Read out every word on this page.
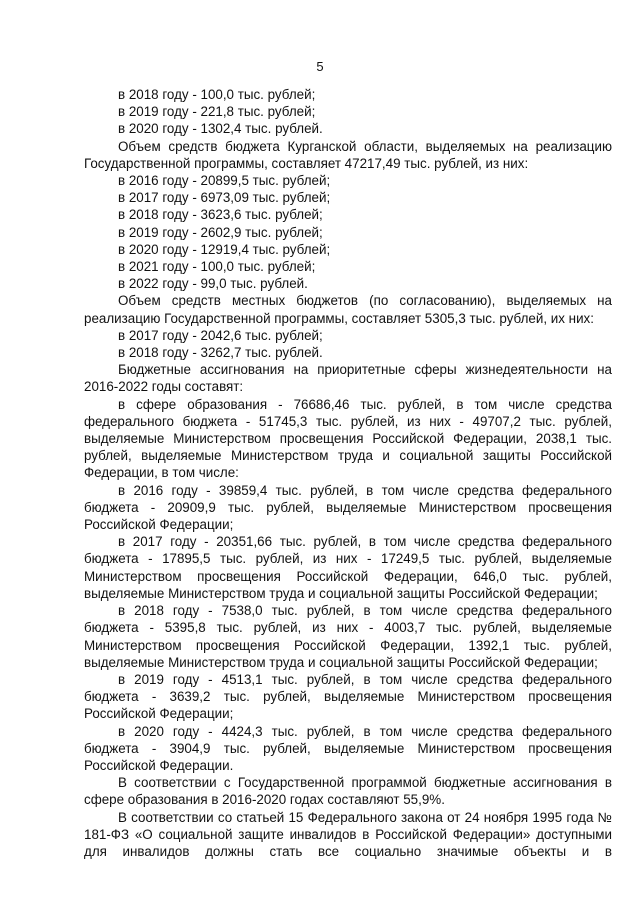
5

в 2018 году - 100,0 тыс. рублей;

в 2019 году - 221,8 тыс. рублей;

в 2020 году - 1302,4 тыс. рублей.

Объем средств бюджета Курганской области, выделяемых на реализацию Государственной программы, составляет 47217,49 тыс. рублей, из них:

в 2016 году - 20899,5 тыс. рублей;

в 2017 году - 6973,09 тыс. рублей;

в 2018 году - 3623,6 тыс. рублей;

в 2019 году - 2602,9 тыс. рублей;

в 2020 году - 12919,4 тыс. рублей;

в 2021 году - 100,0 тыс. рублей;

в 2022 году - 99,0 тыс. рублей.

Объем средств местных бюджетов (по согласованию), выделяемых на реализацию Государственной программы, составляет 5305,3 тыс. рублей, их них:

в 2017 году - 2042,6 тыс. рублей;

в 2018 году - 3262,7 тыс. рублей.

Бюджетные ассигнования на приоритетные сферы жизнедеятельности на 2016-2022 годы составят:

в сфере образования - 76686,46 тыс. рублей, в том числе средства федерального бюджета - 51745,3 тыс. рублей, из них - 49707,2 тыс. рублей, выделяемые Министерством просвещения Российской Федерации, 2038,1 тыс. рублей, выделяемые Министерством труда и социальной защиты Российской Федерации, в том числе:

в 2016 году - 39859,4 тыс. рублей, в том числе средства федерального бюджета - 20909,9 тыс. рублей, выделяемые Министерством просвещения Российской Федерации;

в 2017 году - 20351,66 тыс. рублей, в том числе средства федерального бюджета - 17895,5 тыс. рублей, из них - 17249,5 тыс. рублей, выделяемые Министерством просвещения Российской Федерации, 646,0 тыс. рублей, выделяемые Министерством труда и социальной защиты Российской Федерации;

в 2018 году - 7538,0 тыс. рублей, в том числе средства федерального бюджета - 5395,8 тыс. рублей, из них - 4003,7 тыс. рублей, выделяемые Министерством просвещения Российской Федерации, 1392,1 тыс. рублей, выделяемые Министерством труда и социальной защиты Российской Федерации;

в 2019 году - 4513,1 тыс. рублей, в том числе средства федерального бюджета - 3639,2 тыс. рублей, выделяемые Министерством просвещения Российской Федерации;

в 2020 году - 4424,3 тыс. рублей, в том числе средства федерального бюджета - 3904,9 тыс. рублей, выделяемые Министерством просвещения Российской Федерации.

В соответствии с Государственной программой бюджетные ассигнования в сфере образования в 2016-2020 годах составляют 55,9%.

В соответствии со статьей 15 Федерального закона от 24 ноября 1995 года № 181-ФЗ «О социальной защите инвалидов в Российской Федерации» доступными для инвалидов должны стать все социально значимые объекты и в
